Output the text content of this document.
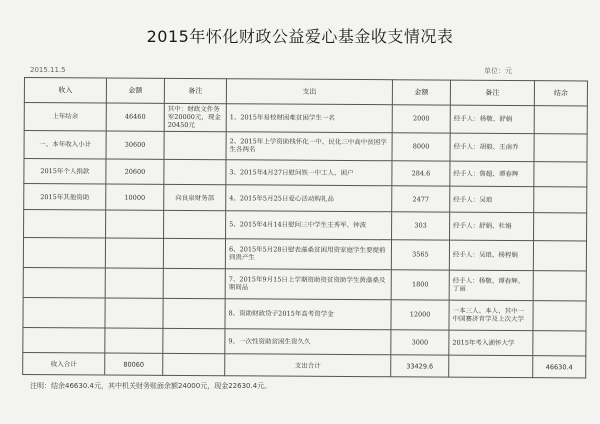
2015年怀化财政公益爱心基金收支情况表
2015.11.5	单位：元
收入	金额	备注	支出	金额	备注	结余
上年结余	46460	其中：财政文件务室20000元，现金20450元	1、2015年易校财困难贫困学生一名	2000	经手人：杨敬、舒娟	
一、本年收入小计	30600		2、2015年上学资助钱怀化一中、民化三中高中贫困学生各两名	8000	经手人：胡毅、王南乔	
2015年个人捐款	20600		3、2015年4月27日慰问铁一中工人、困户	284.6	经手人：詹超、谭春辉	
2015年其他资助	10000	向良泉财务部	4、2015年5月25日爱心活动购礼品	2477	经手人：吴琅	
			5、2015年4月14日慰问三中学生王秀军、钟波	303	经手人：舒娟、杜娟	
			6、2015年5月28日慰表藻桑贫困用资家庭学生要提前到贵产生	3565	经手人：吴琅、杨程娟	
			7、2015年9月15日上学期资助资贫资助学生黄藻桑及期间品	1800	经手人：杨敬、谭春辉、丁丽	
			8、资助财政贷子2015年高考资学金	12000	一本三人、本人、其中一中国赛济育学及上次大学	
			9、一次性资助贫困生资久久	3000	2015年考入湖怀大学	
收入合计	80060		支出合计	33429.6		46630.4
注明：结余46630.4元，其中机关财务账面余额24000元，现金22630.4元。
